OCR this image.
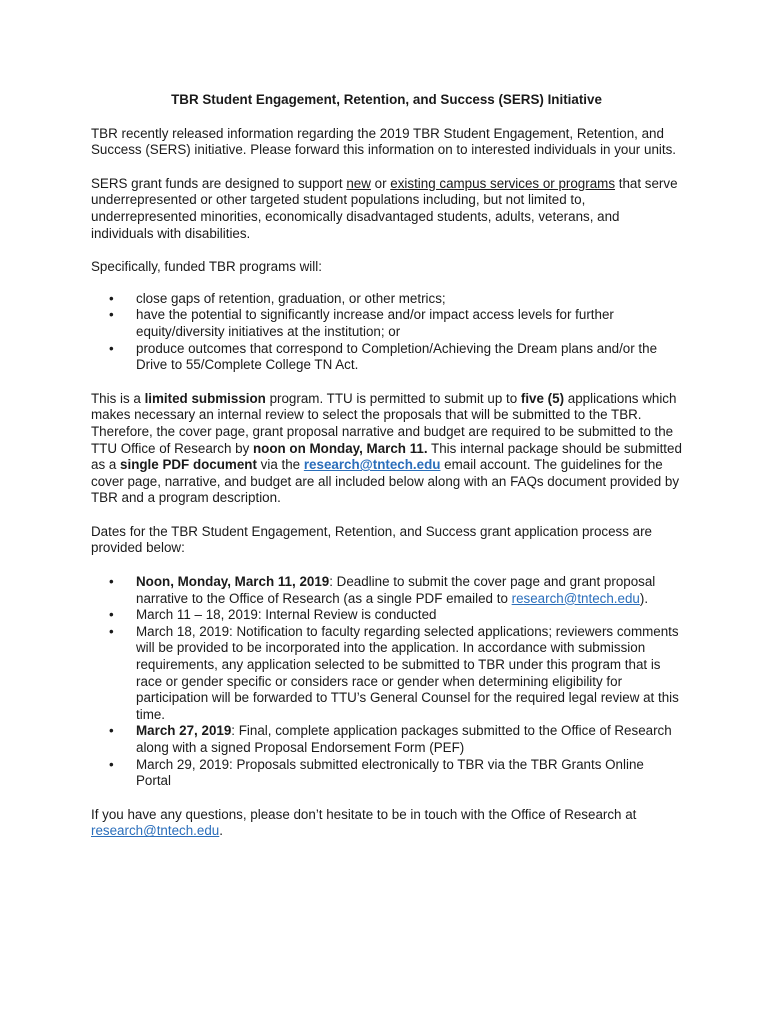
TBR Student Engagement, Retention, and Success (SERS) Initiative

TBR recently released information regarding the 2019 TBR Student Engagement, Retention, and Success (SERS) initiative. Please forward this information on to interested individuals in your units.

SERS grant funds are designed to support new or existing campus services or programs that serve underrepresented or other targeted student populations including, but not limited to, underrepresented minorities, economically disadvantaged students, adults, veterans, and individuals with disabilities.

Specifically, funded TBR programs will:

• close gaps of retention, graduation, or other metrics;
• have the potential to significantly increase and/or impact access levels for further equity/diversity initiatives at the institution; or
• produce outcomes that correspond to Completion/Achieving the Dream plans and/or the Drive to 55/Complete College TN Act.

This is a limited submission program. TTU is permitted to submit up to five (5) applications which makes necessary an internal review to select the proposals that will be submitted to the TBR. Therefore, the cover page, grant proposal narrative and budget are required to be submitted to the TTU Office of Research by noon on Monday, March 11. This internal package should be submitted as a single PDF document via the research@tntech.edu email account. The guidelines for the cover page, narrative, and budget are all included below along with an FAQs document provided by TBR and a program description.

Dates for the TBR Student Engagement, Retention, and Success grant application process are provided below:

• Noon, Monday, March 11, 2019: Deadline to submit the cover page and grant proposal narrative to the Office of Research (as a single PDF emailed to research@tntech.edu).
• March 11 – 18, 2019: Internal Review is conducted
• March 18, 2019: Notification to faculty regarding selected applications; reviewers comments will be provided to be incorporated into the application. In accordance with submission requirements, any application selected to be submitted to TBR under this program that is race or gender specific or considers race or gender when determining eligibility for participation will be forwarded to TTU’s General Counsel for the required legal review at this time.
• March 27, 2019: Final, complete application packages submitted to the Office of Research along with a signed Proposal Endorsement Form (PEF)
• March 29, 2019: Proposals submitted electronically to TBR via the TBR Grants Online Portal

If you have any questions, please don’t hesitate to be in touch with the Office of Research at research@tntech.edu.
